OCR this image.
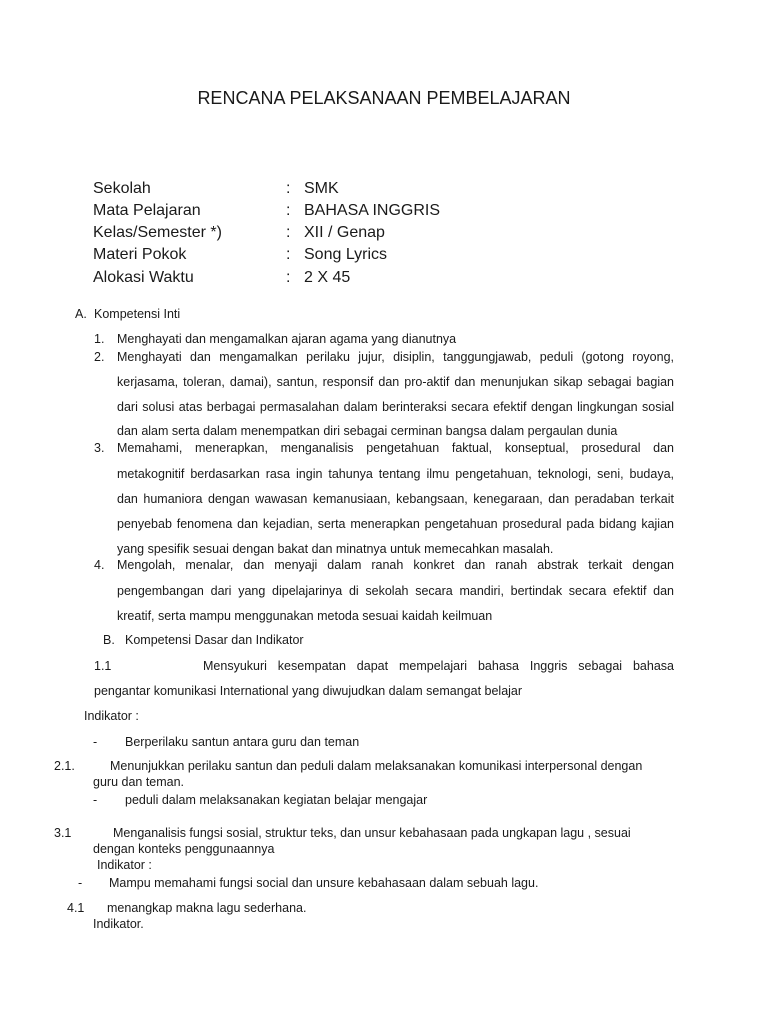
RENCANA PELAKSANAAN PEMBELAJARAN
Sekolah	: SMK
Mata Pelajaran	: BAHASA INGGRIS
Kelas/Semester *)	: XII / Genap
Materi Pokok	: Song Lyrics
Alokasi Waktu	: 2 X 45
A. Kompetensi Inti
1. Menghayati dan mengamalkan ajaran agama yang dianutnya
2. Menghayati dan mengamalkan perilaku jujur, disiplin, tanggungjawab, peduli (gotong royong,
kerjasama, toleran, damai), santun, responsif dan pro-aktif dan menunjukan sikap sebagai bagian
dari solusi atas berbagai permasalahan dalam berinteraksi secara efektif dengan lingkungan sosial
dan alam serta dalam menempatkan diri sebagai cerminan bangsa dalam pergaulan dunia
3. Memahami, menerapkan, menganalisis pengetahuan faktual, konseptual, prosedural dan
metakognitif berdasarkan rasa ingin tahunya tentang ilmu pengetahuan, teknologi, seni, budaya,
dan humaniora dengan wawasan kemanusiaan, kebangsaan, kenegaraan, dan peradaban terkait
penyebab fenomena dan kejadian, serta menerapkan pengetahuan prosedural pada bidang kajian
yang spesifik sesuai dengan bakat dan minatnya untuk memecahkan masalah.
4. Mengolah, menalar, dan menyaji dalam ranah konkret dan ranah abstrak terkait dengan
pengembangan dari yang dipelajarinya di sekolah secara mandiri, bertindak secara efektif dan
kreatif, serta mampu menggunakan metoda sesuai kaidah keilmuan
B. Kompetensi Dasar dan Indikator
1.1	Mensyukuri kesempatan dapat mempelajari bahasa Inggris sebagai bahasa
pengantar komunikasi International yang diwujudkan dalam semangat belajar
Indikator :
- Berperilaku santun antara guru dan teman
2.1.	Menunjukkan perilaku santun dan peduli dalam melaksanakan komunikasi interpersonal dengan
guru dan teman.
- peduli dalam melaksanakan kegiatan belajar mengajar
3.1	Menganalisis fungsi sosial, struktur teks, dan unsur kebahasaan pada ungkapan lagu , sesuai
dengan konteks penggunaannya
Indikator :
- Mampu memahami fungsi social dan unsure kebahasaan dalam sebuah lagu.
4.1 menangkap makna lagu sederhana.
Indikator.
